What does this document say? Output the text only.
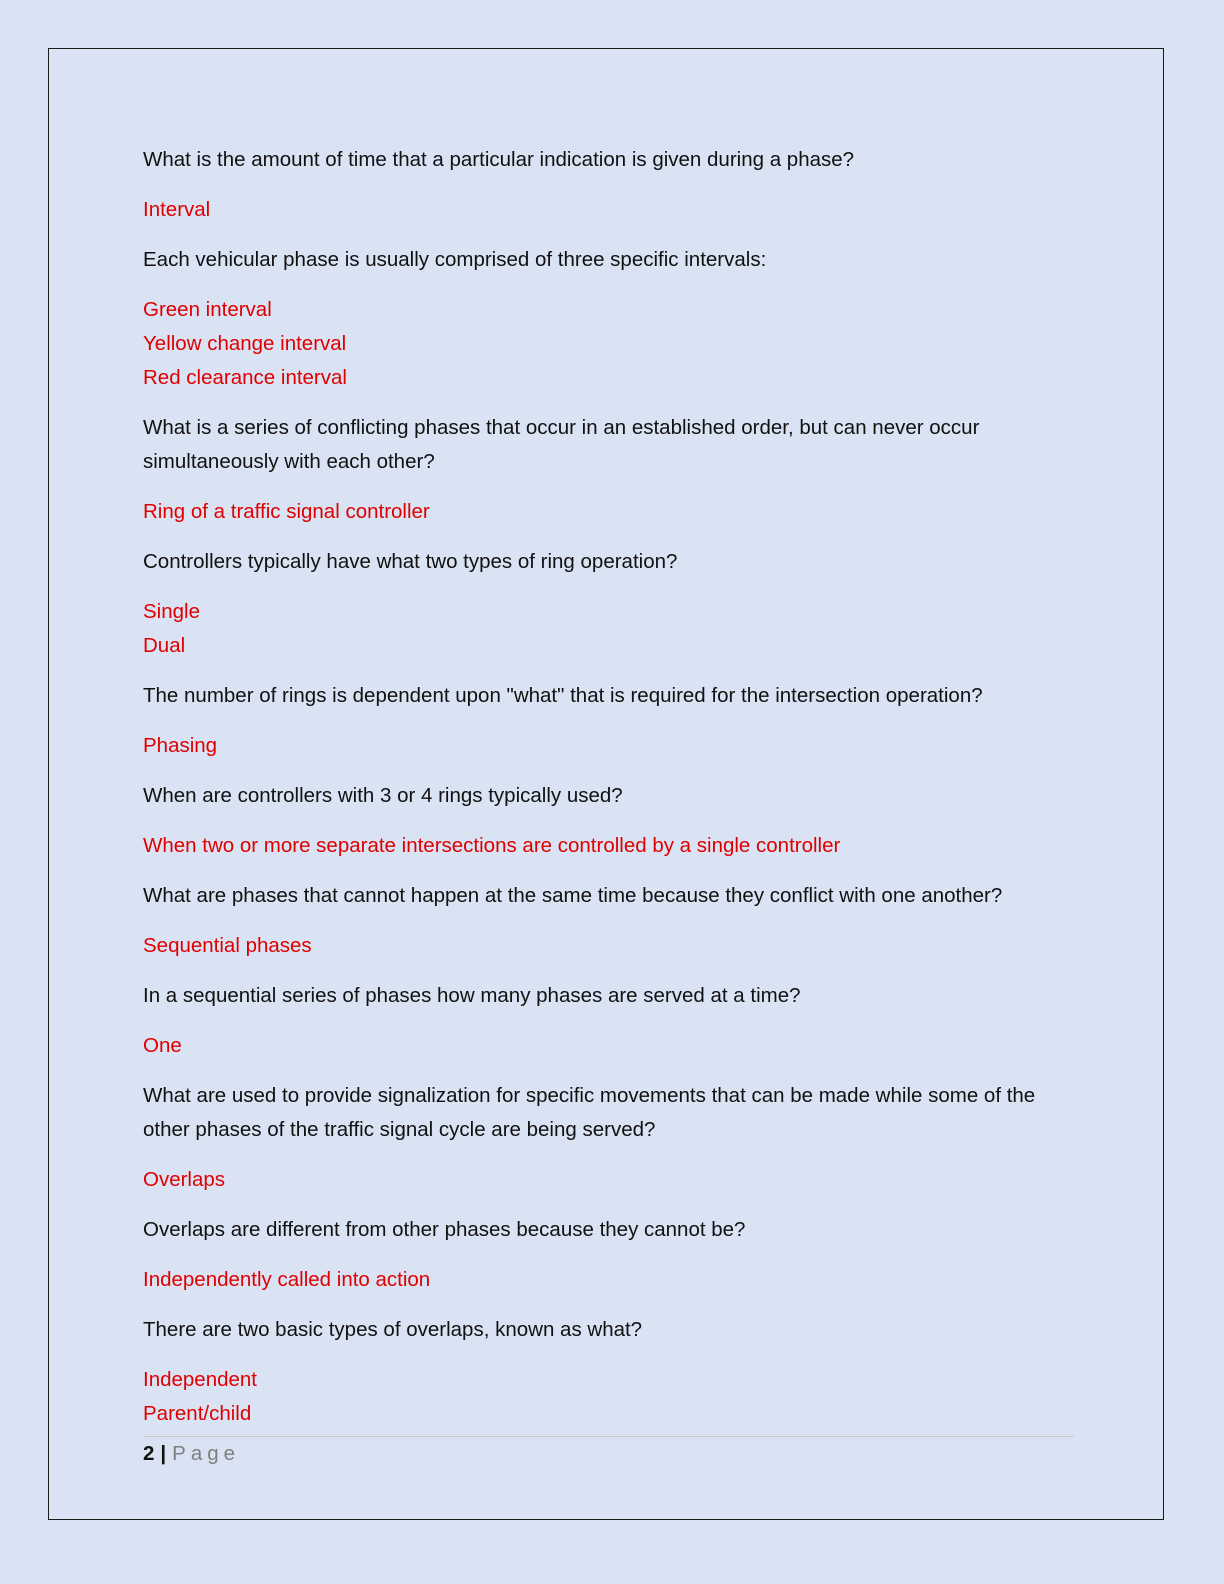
What is the amount of time that a particular indication is given during a phase?
Interval
Each vehicular phase is usually comprised of three specific intervals:
Green interval
Yellow change interval
Red clearance interval
What is a series of conflicting phases that occur in an established order, but can never occur simultaneously with each other?
Ring of a traffic signal controller
Controllers typically have what two types of ring operation?
Single
Dual
The number of rings is dependent upon "what" that is required for the intersection operation?
Phasing
When are controllers with 3 or 4 rings typically used?
When two or more separate intersections are controlled by a single controller
What are phases that cannot happen at the same time because they conflict with one another?
Sequential phases
In a sequential series of phases how many phases are served at a time?
One
What are used to provide signalization for specific movements that can be made while some of the other phases of the traffic signal cycle are being served?
Overlaps
Overlaps are different from other phases because they cannot be?
Independently called into action
There are two basic types of overlaps, known as what?
Independent
Parent/child
2 | Page
